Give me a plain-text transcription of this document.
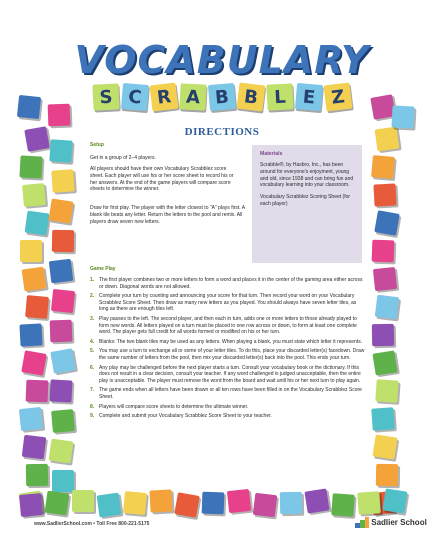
VOCABULARY
S C R A B B L E Z
DIRECTIONS
Setup
Get in a group of 2–4 players.
All players should have their own Vocabulary Scrabblez score sheet. Each player will use his or her score sheet to record his or her answers. At the end of the game players will compare score sheets to determine the winner.
Draw for first play. The player with the letter closest to "A" plays first. A blank tile beats any letter. Return the letters to the pool and remix. All players draw seven new letters.
Materials
Scrabble®, by Hasbro, Inc., has been around for everyone's enjoyment, young and old, since 1938 and can bring fun and vocabulary learning into your classroom.
Vocabulary Scrabblez Scoring Sheet (for each player)
Game Play
1. The first player combines two or more letters to form a word and places it in the center of the gaming area either across or down. Diagonal words are not allowed.
2. Complete your turn by counting and announcing your score for that turn. Then record your word on your Vocabulary Scrabblez Score Sheet. Then draw as many new letters as you played. You should always have seven letter tiles, as long as there are enough tiles left.
3. Play passes to the left. The second player, and then each in turn, adds one or more letters to those already played to form new words. All letters played on a turn must be placed in one row across or down, to form at least one complete word. The player gets full credit for all words formed or modified on his or her turn.
4. Blanks: The two blank tiles may be used as any letters. When playing a blank, you must state which letter it represents.
5. You may use a turn to exchange all or some of your letter tiles. To do this, place your discarded letter(s) facedown. Draw the same number of letters from the pool, then mix your discarded letter(s) back into the pool. This ends your turn.
6. Any play may be challenged before the next player starts a turn. Consult your vocabulary book or the dictionary. If this does not result in a clear decision, consult your teacher. If any word challenged is judged unacceptable, then the entire play is unacceptable. The player must remove the word from the board and wait until his or her next turn to play again.
7. The game ends when all letters have been drawn or all ten rows have been filled in on the Vocabulary Scrabblez Score Sheet.
8. Players will compare score sheets to determine the ultimate winner.
9. Complete and submit your Vocabulary Scrabblez Score Sheet to your teacher.
www.SadlierSchool.com • Toll Free 800-221-5175	Sadlier School
